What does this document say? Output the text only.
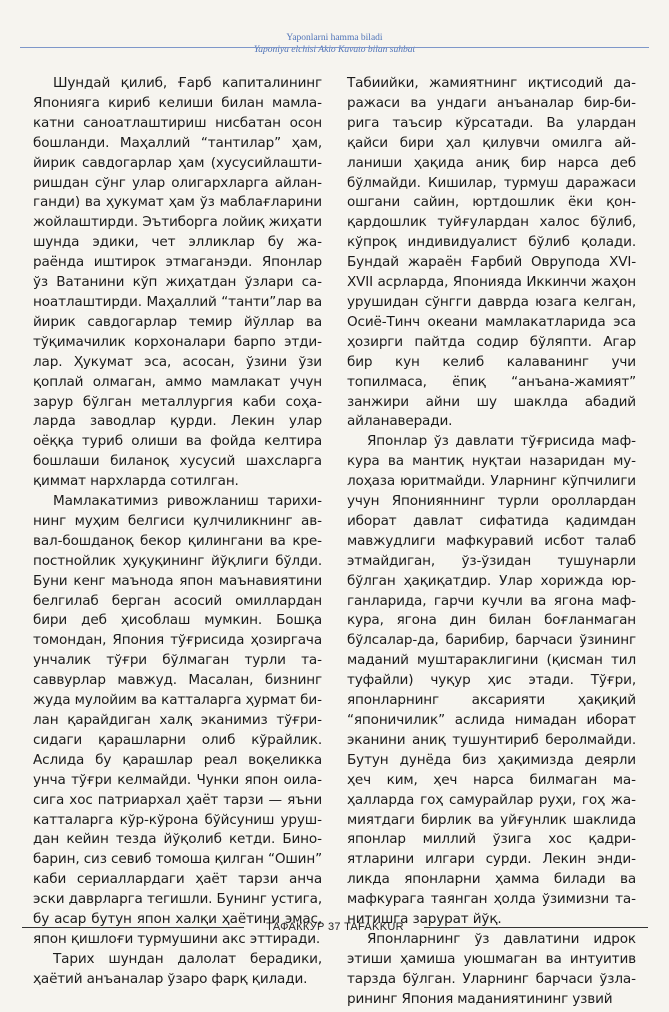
Yaponlarni hamma biladi
Yaponiya elchisi Akio Kavato bilan suhbat

Шундай қилиб, Ғарб капиталининг Японияга кириб келиши билан мамлакатни саноатлаштириш нисбатан осон бошланди. Маҳаллий “тантилар” ҳам, йирик савдогарлар ҳам (хусусийлаштиришдан сўнг улар олигархларга айланганди) ва ҳукумат ҳам ўз маблағларини жойлаштирди. Эътиборга лойиқ жиҳати шунда эдики, чет элликлар бу жараёнда иштирок этмаганэди. Японлар ўз Ватанини кўп жиҳатдан ўзлари саноатлаштирди. Маҳаллий “танти”лар ва йирик савдогарлар темир йўллар ва тўқимачилик корхоналари барпо этдилар. Ҳукумат эса, асосан, ўзини ўзи қоплай олмаган, аммо мамлакат учун зарур бўлган металлургия каби соҳаларда заводлар қурди. Лекин улар оёққа туриб олиши ва фойда келтира бошлаши биланоқ хусусий шахсларга қиммат нархларда сотилган.

Мамлакатимиз ривожланиш тарихининг муҳим белгиси қулчиликнинг аввал-бошданоқ бекор қилингани ва крепостнойлик ҳуқуқининг йўқлиги бўлди. Буни кенг маънода япон маънавиятини белгилаб берган асосий омиллардан бири деб ҳисоблаш мумкин. Бошқа томондан, Япония тўғрисида ҳозиргача унчалик тўғри бўлмаган турли тасаввурлар мавжуд. Масалан, бизнинг жуда мулойим ва катталарга ҳурмат билан қарайдиган халқ эканимиз тўғрисидаги қарашларни олиб кўрайлик. Аслида бу қарашлар реал воқеликка унча тўғри келмайди. Чунки япон оиласига хос патриархал ҳаёт тарзи — яъни катталарга кўр-кўрона бўйсуниш урушдан кейин тезда йўқолиб кетди. Бинобарин, сиз севиб томоша қилган “Ошин” каби сериаллардаги ҳаёт тарзи анча эски даврларга тегишли. Бунинг устига, бу асар бутун япон халқи ҳаётини эмас, япон қишлоғи турмушини акс эттиради.

Тарих шундан далолат берадики, ҳаётий анъаналар ўзаро фарқ қилади.

Табиийки, жамиятнинг иқтисодий даражаси ва ундаги анъаналар бир-бирига таъсир кўрсатади. Ва улардан қайси бири ҳал қилувчи омилга айланиши ҳақида аниқ бир нарса деб бўлмайди. Кишилар, турмуш даражаси ошгани сайин, юртдошлик ёки қонқардошлик туйғулардан халос бўлиб, кўпроқ индивидуалист бўлиб қолади. Бундай жараён Ғарбий Оврупода XVI-XVII асрларда, Японияда Иккинчи жаҳон урушидан сўнгги даврда юзага келган, Осиё-Тинч океани мамлакатларида эса ҳозирги пайтда содир бўляпти. Агар бир кун келиб калаванинг учи топилмаса, ёпиқ “анъана-жамият” занжири айни шу шаклда абадий айланаверади.

Японлар ўз давлати тўғрисида мафкура ва мантиқ нуқтаи назаридан мулоҳаза юритмайди. Уларнинг кўпчилиги учун Японияннинг турли ороллардан иборат давлат сифатида қадимдан мавжудлиги мафкуравий исбот талаб этмайдиган, ўз-ўзидан тушунарли бўлган ҳақиқатдир. Улар хорижда юрганларида, гарчи кучли ва ягона мафкура, ягона дин билан боғланмаган бўлсалар-да, барибир, барчаси ўзининг маданий муштараклигини (қисман тил туфайли) чуқур ҳис этади. Тўғри, японларнинг аксарияти ҳақиқий “японичилик” аслида нимадан иборат эканини аниқ тушунтириб беролмайди. Бутун дунёда биз ҳақимизда деярли ҳеч ким, ҳеч нарса билмаган маҳалларда гоҳ самурайлар руҳи, гоҳ жамиятдаги бирлик ва уйғунлик шаклида японлар миллий ўзига хос қадриятларини илгари сурди. Лекин эндиликда японларни ҳамма билади ва мафкурага таянган ҳолда ўзимизни танитишга зарурат йўқ.

Японларнинг ўз давлатини идрок этиши ҳамиша уюшмаган ва интуитив тарзда бўлган. Уларнинг барчаси ўзларининг Япония маданиятининг узвий

ТАФАККУР 37 TAFAKKUR
